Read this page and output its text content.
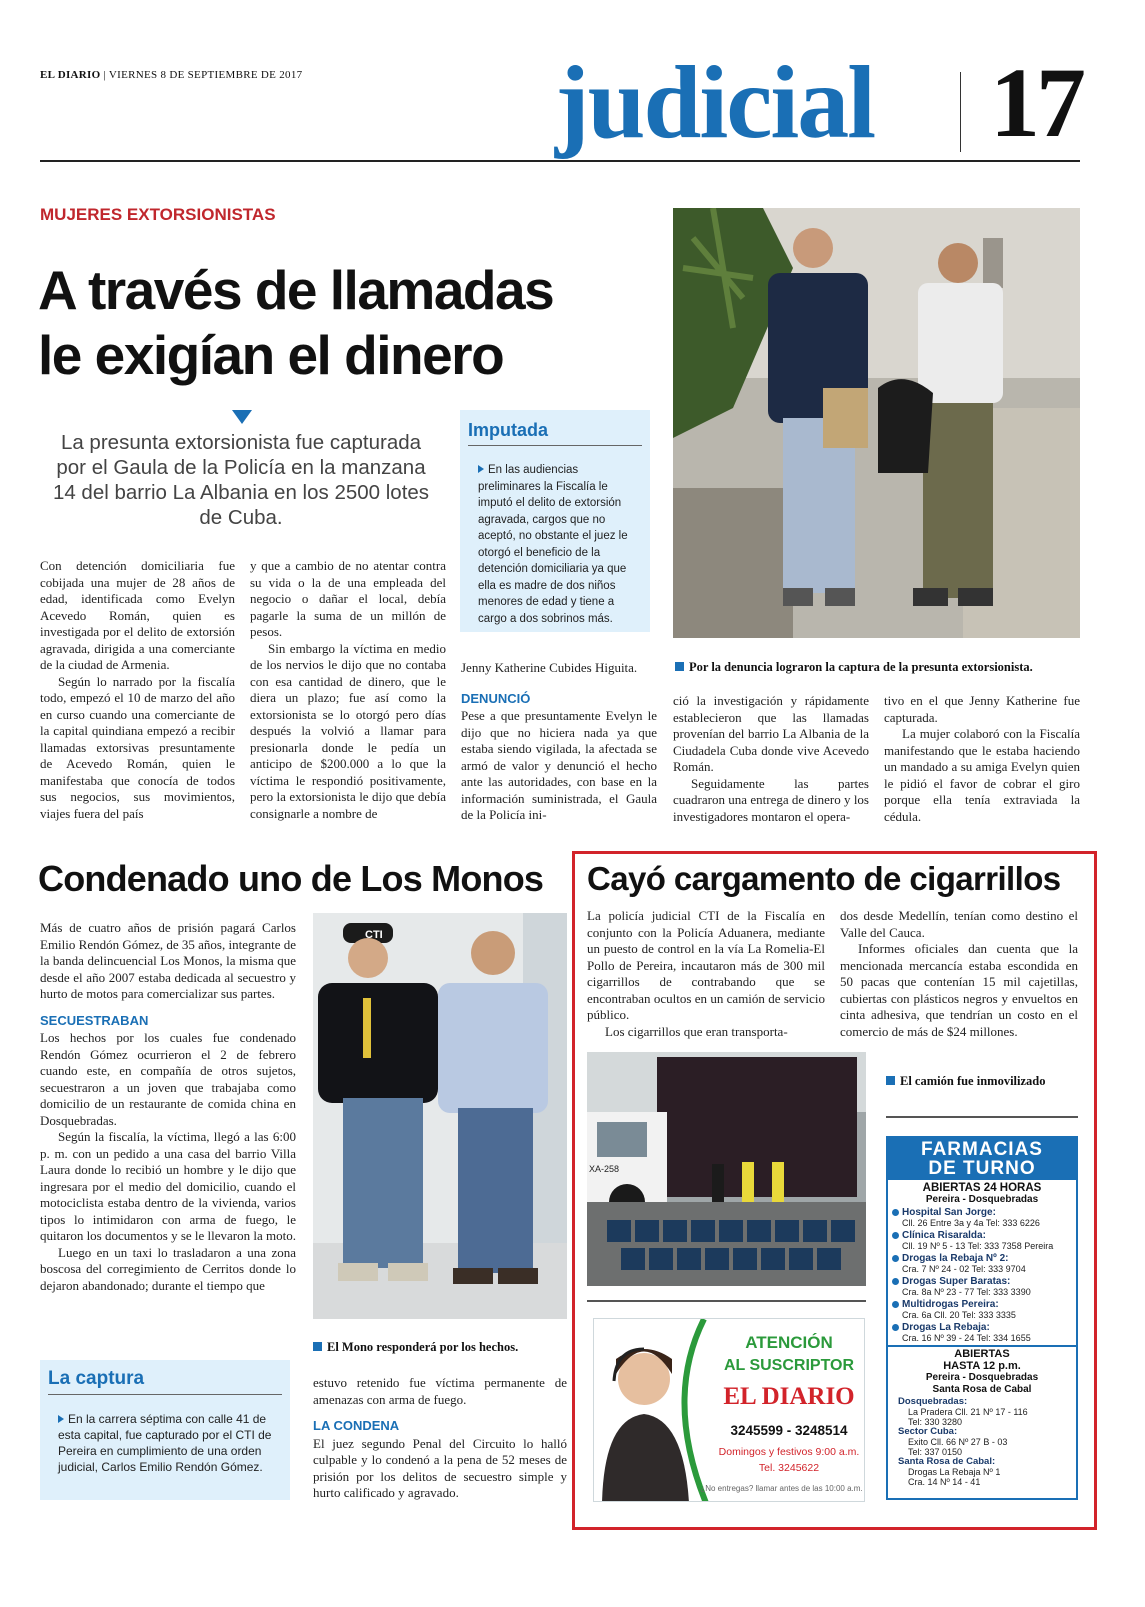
EL DIARIO | VIERNES 8 DE SEPTIEMBRE DE 2017 judicial 17
MUJERES EXTORSIONISTAS
A través de llamadas
le exigían el dinero
La presunta extorsionista fue capturada por el Gaula de la Policía en la manzana 14 del barrio La Albania en los 2500 lotes de Cuba.
Imputada
En las audiencias preliminares la Fiscalía le imputó el delito de extorsión agravada, cargos que no aceptó, no obstante el juez le otorgó el beneficio de la detención domiciliaria ya que ella es madre de dos niños menores de edad y tiene a cargo a dos sobrinos más.

Con detención domiciliaria fue cobijada una mujer de 28 años de edad, identificada como Evelyn Acevedo Román, quien es investigada por el delito de extorsión agravada, dirigida a una comerciante de la ciudad de Armenia.

Según lo narrado por la fiscalía todo, empezó el 10 de marzo del año en curso cuando una comerciante de la capital quindiana empezó a recibir llamadas extorsivas presuntamente de Acevedo Román, quien le manifestaba que conocía de todos sus negocios, sus movimientos, viajes fuera del país

y que a cambio de no atentar contra su vida o la de una empleada del negocio o dañar el local, debía pagarle la suma de un millón de pesos.

Sin embargo la víctima en medio de los nervios le dijo que no contaba con esa cantidad de dinero, que le diera un plazo; fue así como la extorsionista se lo otorgó pero días después la volvió a llamar para presionarla donde le pedía un anticipo de $200.000 a lo que la víctima le respondió positivamente, pero la extorsionista le dijo que debía consignarle a nombre de

Jenny Katherine Cubides Higuita.

DENUNCIÓ

Pese a que presuntamente Evelyn le dijo que no hiciera nada ya que estaba siendo vigilada, la afectada se armó de valor y denunció el hecho ante las autoridades, con base en la información suministrada, el Gaula de la Policía ini-

Por la denuncia lograron la captura de la presunta extorsionista.

ció la investigación y rápidamente establecieron que las llamadas provenían del barrio La Albania de la Ciudadela Cuba donde vive Acevedo Román.

Seguidamente las partes cuadraron una entrega de dinero y los investigadores montaron el opera-

tivo en el que Jenny Katherine fue capturada.

La mujer colaboró con la Fiscalía manifestando que le estaba haciendo un mandado a su amiga Evelyn quien le pidió el favor de cobrar el giro porque ella tenía extraviada la cédula.

Condenado uno de Los Monos

Más de cuatro años de prisión pagará Carlos Emilio Rendón Gómez, de 35 años, integrante de la banda delincuencial Los Monos, la misma que desde el año 2007 estaba dedicada al secuestro y hurto de motos para comercializar sus partes.

SECUESTRABAN

Los hechos por los cuales fue condenado Rendón Gómez ocurrieron el 2 de febrero cuando este, en compañía de otros sujetos, secuestraron a un joven que trabajaba como domicilio de un restaurante de comida china en Dosquebradas.

Según la fiscalía, la víctima, llegó a las 6:00 p. m. con un pedido a una casa del barrio Villa Laura donde lo recibió un hombre y le dijo que ingresara por el medio del domicilio, cuando el motociclista estaba dentro de la vivienda, varios tipos lo intimidaron con arma de fuego, le quitaron los documentos y se le llevaron la moto.

Luego en un taxi lo trasladaron a una zona boscosa del corregimiento de Cerritos donde lo dejaron abandonado; durante el tiempo que

La captura
En la carrera séptima con calle 41 de esta capital, fue capturado por el CTI de Pereira en cumplimiento de una orden judicial, Carlos Emilio Rendón Gómez.
CTI
El Mono responderá por los hechos.

estuvo retenido fue víctima permanente de amenazas con arma de fuego.

LA CONDENA

El juez segundo Penal del Circuito lo halló culpable y lo condenó a la pena de 52 meses de prisión por los delitos de secuestro simple y hurto calificado y agravado.

Cayó cargamento de cigarrillos

La policía judicial CTI de la Fiscalía en conjunto con la Policía Aduanera, mediante un puesto de control en la vía La Romelia-El Pollo de Pereira, incautaron más de 300 mil cigarrillos de contrabando que se encontraban ocultos en un camión de servicio público.

Los cigarrillos que eran transporta-

dos desde Medellín, tenían como destino el Valle del Cauca.

Informes oficiales dan cuenta que la mencionada mercancía estaba escondida en 50 pacas que contenían 15 mil cajetillas, cubiertas con plásticos negros y envueltos en cinta adhesiva, que tendrían un costo en el comercio de más de $24 millones.

XA-258
El camión fue inmovilizado
ATENCIÓN
AL SUSCRIPTOR
EL DIARIO
3245599 - 3248514
Domingos y festivos 9:00 a.m.
Tel. 3245622
¿No entregas? llamar antes de las 10:00 a.m.
FARMACIAS
DE TURNO
ABIERTAS 24 HORAS
Pereira - Dosquebradas
Hospital San Jorge:
Cll. 26 Entre 3a y 4a Tel: 333 6226
Clínica Risaralda:
Cll. 19 Nº 5 - 13 Tel: 333 7358 Pereira
Drogas la Rebaja Nº 2:
Cra. 7 Nº 24 - 02 Tel: 333 9704
Drogas Super Baratas:
Cra. 8a Nº 23 - 77 Tel: 333 3390
Multidrogas Pereira:
Cra. 6a Cll. 20 Tel: 333 3335
Drogas La Rebaja:
Cra. 16 Nº 39 - 24 Tel: 334 1655
ABIERTAS
HASTA 12 p.m.
Pereira - Dosquebradas
Santa Rosa de Cabal
Dosquebradas:
La Pradera Cll. 21 Nº 17 - 116
Tel: 330 3280
Sector Cuba:
Exito Cll. 66 Nº 27 B - 03
Tel: 337 0150
Santa Rosa de Cabal:
Drogas La Rebaja Nº 1
Cra. 14 Nº 14 - 41
